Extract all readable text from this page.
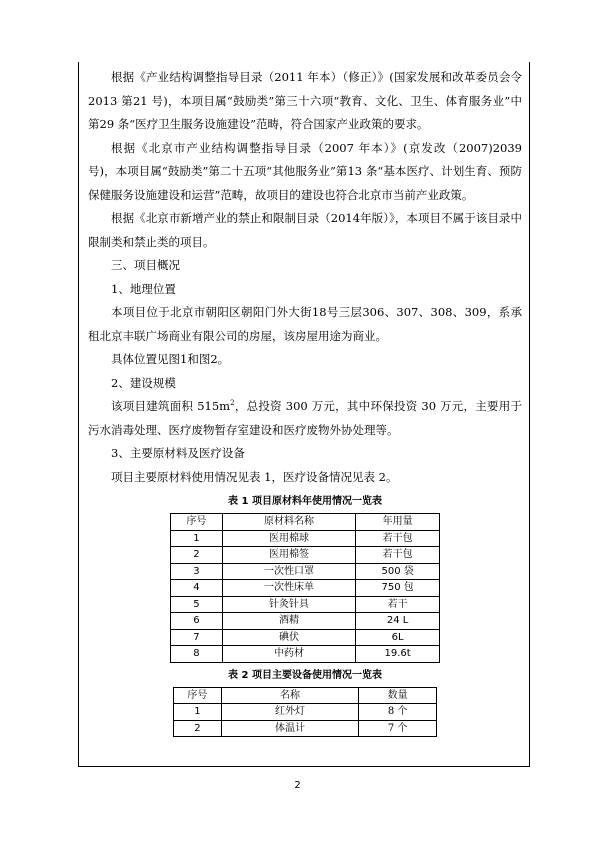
根据《产业结构调整指导目录（2011 年本）（修正）》(国家发展和改革委员会令2013 第21 号)，本项目属“鼓励类”第三十六项“教育、文化、卫生、体育服务业”中第29 条“医疗卫生服务设施建设”范畴，符合国家产业政策的要求。

根据《北京市产业结构调整指导目录（2007 年本）》(京发改（2007)2039 号)，本项目属“鼓励类”第二十五项“其他服务业”第13 条“基本医疗、计划生育、预防保健服务设施建设和运营”范畴，故项目的建设也符合北京市当前产业政策。

根据《北京市新增产业的禁止和限制目录（2014年版）》，本项目不属于该目录中限制类和禁止类的项目。

三、项目概况

1、地理位置

本项目位于北京市朝阳区朝阳门外大街18号三层306、307、308、309，系承租北京丰联广场商业有限公司的房屋，该房屋用途为商业。

具体位置见图1和图2。

2、建设规模

该项目建筑面积 $515m^2$，总投资 300 万元，其中环保投资 30 万元，主要用于污水消毒处理、医疗废物暂存室建设和医疗废物外协处理等。

3、主要原材料及医疗设备

项目主要原材料使用情况见表 1，医疗设备情况见表 2。

表 1 项目原材料年使用情况一览表
序号	原材料名称	年用量
1	医用棉球	若干包
2	医用棉签	若干包
3	一次性口罩	500 袋
4	一次性床单	750 包
5	针灸针具	若干
6	酒精	24 L
7	碘伏	6L
8	中药材	19.6t
表 2 项目主要设备使用情况一览表
序号	名称	数量
1	红外灯	8 个
2	体温计	7 个
2
